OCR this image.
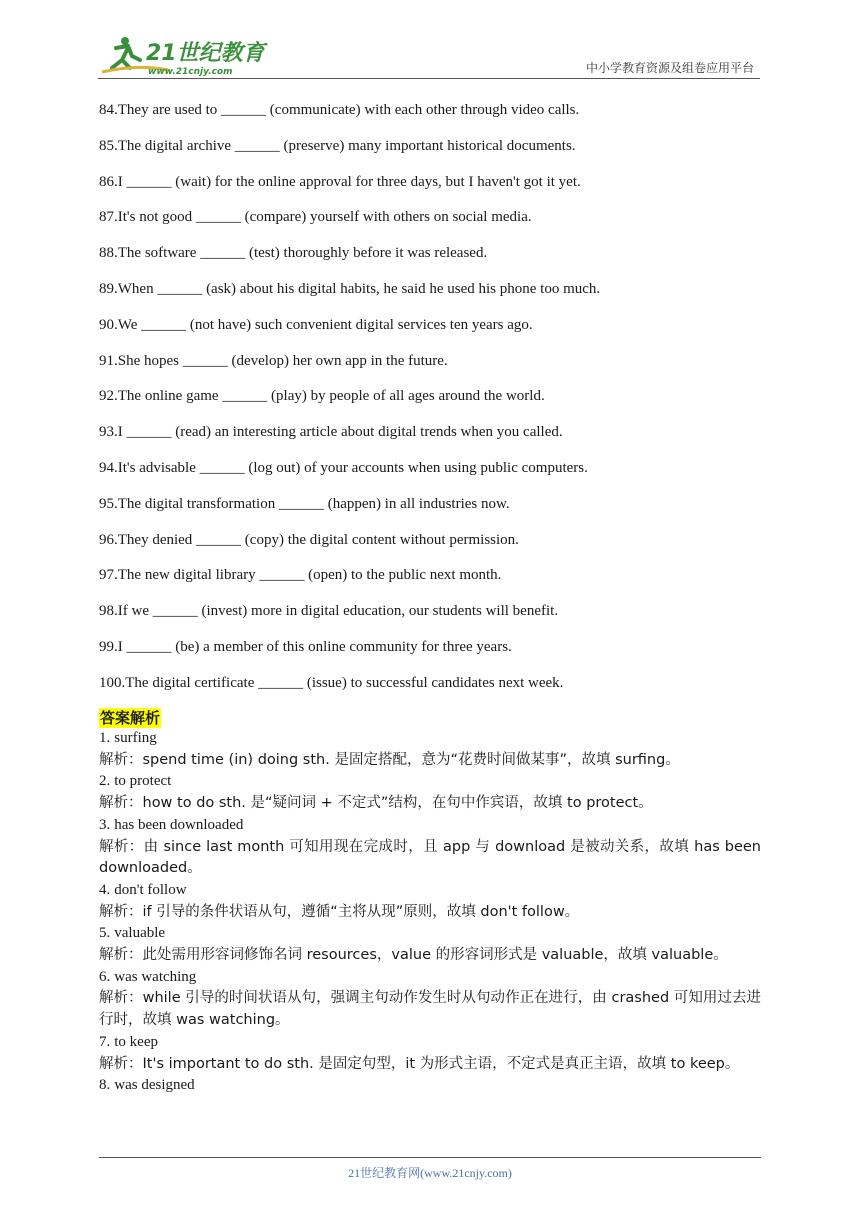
21世纪教育
www.21cnjy.com	中小学教育资源及组卷应用平台
84.They are used to ______ (communicate) with each other through video calls.
85.The digital archive ______ (preserve) many important historical documents.
86.I ______ (wait) for the online approval for three days, but I haven't got it yet.
87.It's not good ______ (compare) yourself with others on social media.
88.The software ______ (test) thoroughly before it was released.
89.When ______ (ask) about his digital habits, he said he used his phone too much.
90.We ______ (not have) such convenient digital services ten years ago.
91.She hopes ______ (develop) her own app in the future.
92.The online game ______ (play) by people of all ages around the world.
93.I ______ (read) an interesting article about digital trends when you called.
94.It's advisable ______ (log out) of your accounts when using public computers.
95.The digital transformation ______ (happen) in all industries now.
96.They denied ______ (copy) the digital content without permission.
97.The new digital library ______ (open) to the public next month.
98.If we ______ (invest) more in digital education, our students will benefit.
99.I ______ (be) a member of this online community for three years.
100.The digital certificate ______ (issue) to successful candidates next week.
答案解析
1. surfing
解析：spend time (in) doing sth. 是固定搭配，意为“花费时间做某事”，故填 surfing。
2. to protect
解析：how to do sth. 是“疑问词 + 不定式”结构，在句中作宾语，故填 to protect。
3. has been downloaded
解析：由 since last month 可知用现在完成时，且 app 与 download 是被动关系，故填 has been downloaded。
4. don't follow
解析：if 引导的条件状语从句，遵循“主将从现”原则，故填 don't follow。
5. valuable
解析：此处需用形容词修饰名词 resources，value 的形容词形式是 valuable，故填 valuable。
6. was watching
解析：while 引导的时间状语从句，强调主句动作发生时从句动作正在进行，由 crashed 可知用过去进行时，故填 was watching。
7. to keep
解析：It's important to do sth. 是固定句型，it 为形式主语，不定式是真正主语，故填 to keep。
8. was designed
21世纪教育网(www.21cnjy.com)
